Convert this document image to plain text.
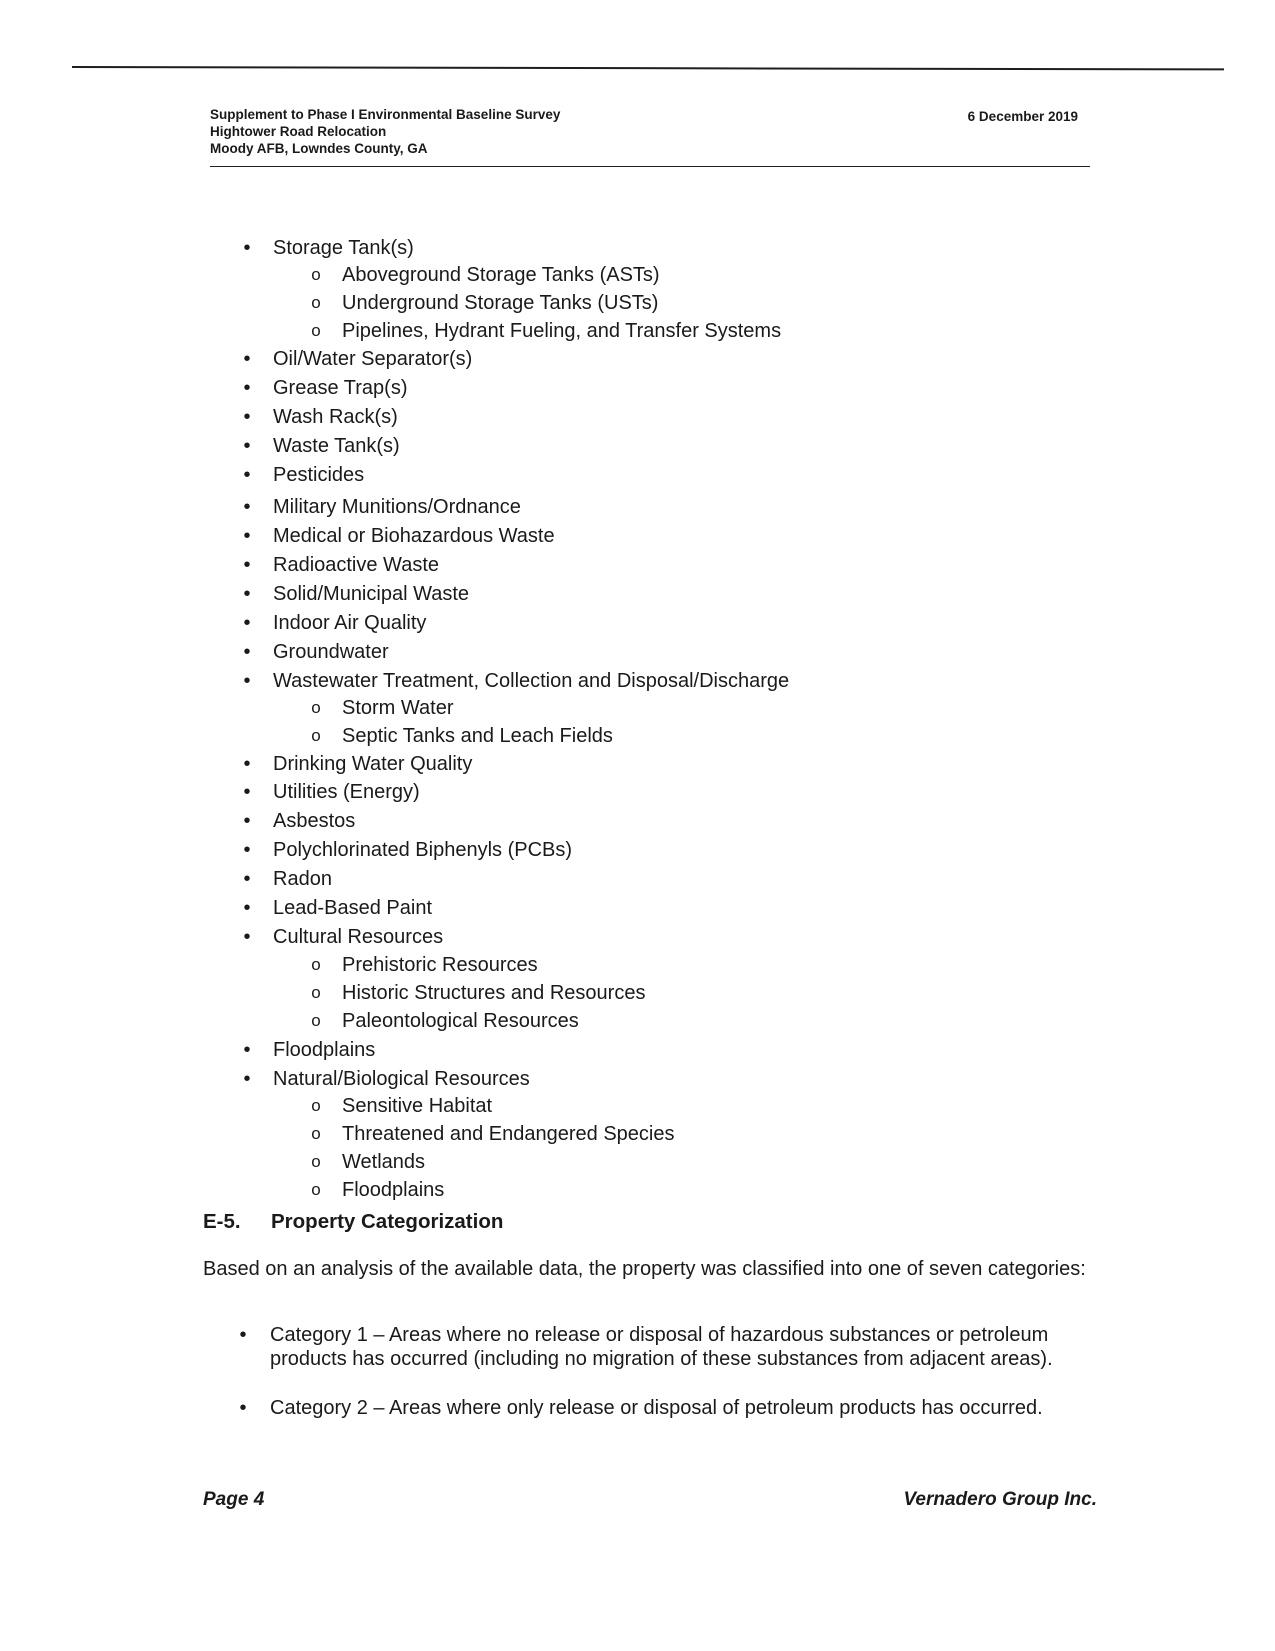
Supplement to Phase I Environmental Baseline Survey
Hightower Road Relocation
Moody AFB, Lowndes County, GA
6 December 2019
• Storage Tank(s)
o Aboveground Storage Tanks (ASTs)
o Underground Storage Tanks (USTs)
o Pipelines, Hydrant Fueling, and Transfer Systems
• Oil/Water Separator(s)
• Grease Trap(s)
• Wash Rack(s)
• Waste Tank(s)
• Pesticides
• Military Munitions/Ordnance
• Medical or Biohazardous Waste
• Radioactive Waste
• Solid/Municipal Waste
• Indoor Air Quality
• Groundwater
• Wastewater Treatment, Collection and Disposal/Discharge
o Storm Water
o Septic Tanks and Leach Fields
• Drinking Water Quality
• Utilities (Energy)
• Asbestos
• Polychlorinated Biphenyls (PCBs)
• Radon
• Lead-Based Paint
• Cultural Resources
o Prehistoric Resources
o Historic Structures and Resources
o Paleontological Resources
• Floodplains
• Natural/Biological Resources
o Sensitive Habitat
o Threatened and Endangered Species
o Wetlands
o Floodplains
E-5. Property Categorization
Based on an analysis of the available data, the property was classified into one of seven categories:
• Category 1 – Areas where no release or disposal of hazardous substances or petroleum products has occurred (including no migration of these substances from adjacent areas).
• Category 2 – Areas where only release or disposal of petroleum products has occurred.
Page 4	Vernadero Group Inc.
